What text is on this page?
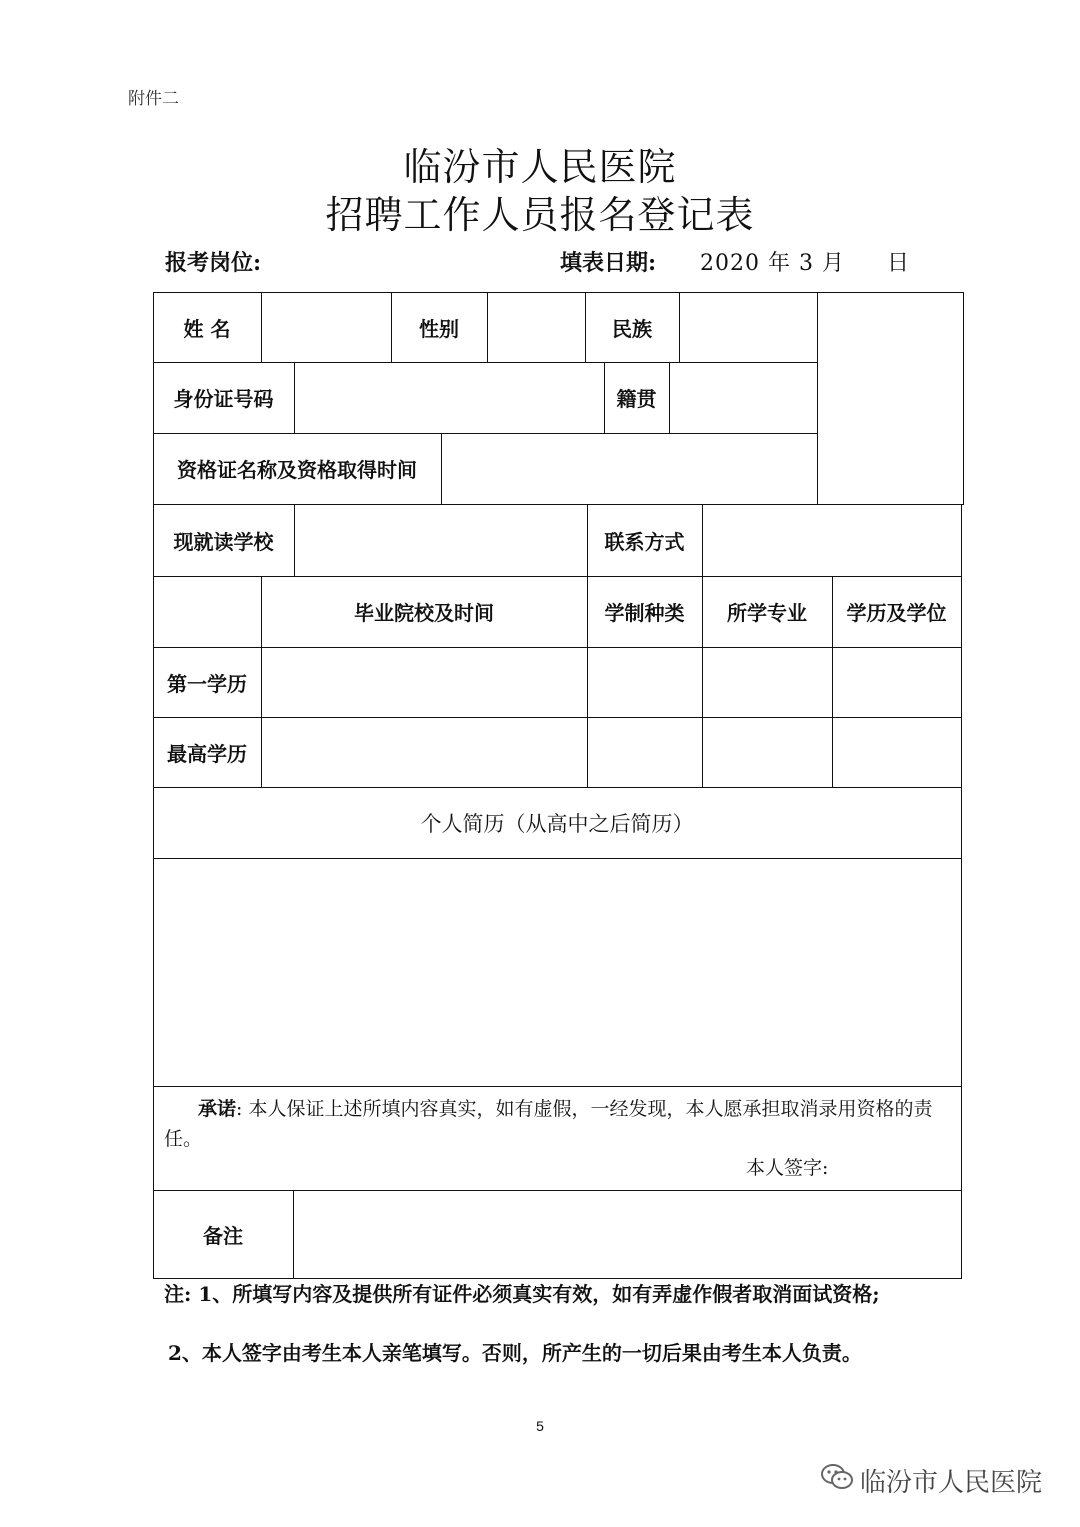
附件二
临汾市人民医院
招聘工作人员报名登记表
报考岗位:	填表日期: 2020 年 3 月 日
姓 名	性别	民族
身份证号码	籍贯
资格证名称及资格取得时间
现就读学校	联系方式
毕业院校及时间	学制种类	所学专业	学历及学位
第一学历
最高学历
个人简历（从高中之后简历）
承诺: 本人保证上述所填内容真实，如有虚假，一经发现，本人愿承担取消录用资格的责任。
本人签字:
备注
注: 1、所填写内容及提供所有证件必须真实有效，如有弄虚作假者取消面试资格;
2、本人签字由考生本人亲笔填写。否则，所产生的一切后果由考生本人负责。
5
临汾市人民医院
